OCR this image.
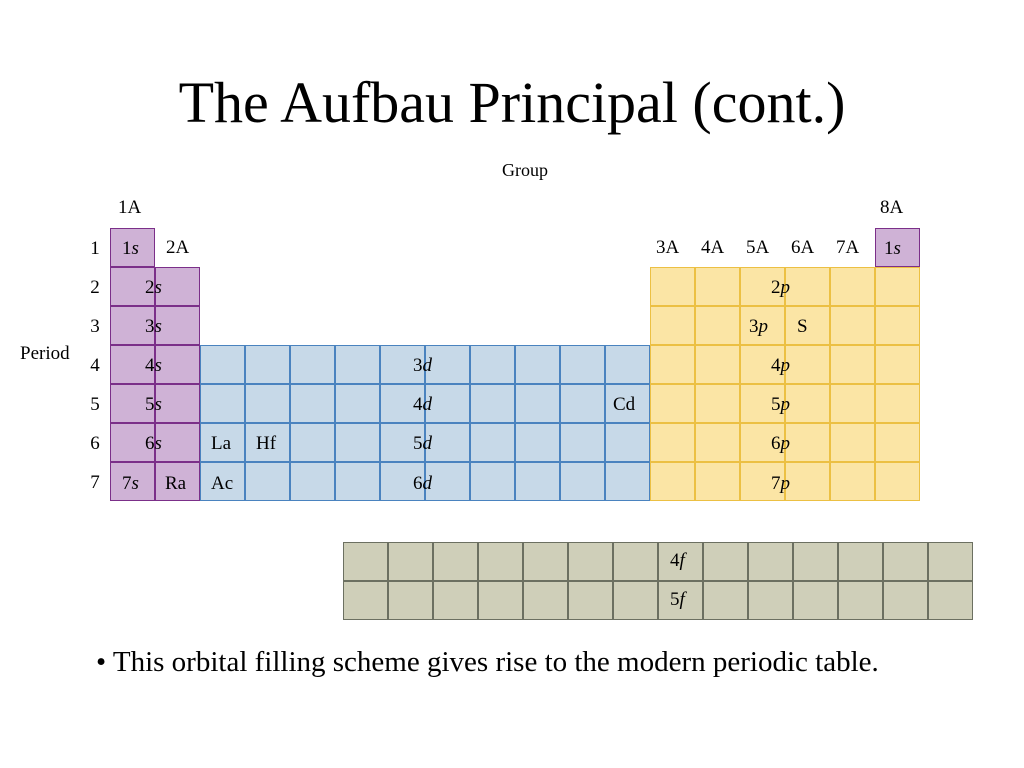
The Aufbau Principal (cont.)
Group
Period
1A
2A	3A 4A 5A 6A 7A
8A
1
2
3
4
5
6
7
1s	1s
2s
3s
4s
5s
6s
7s
3d
4d
5d
6d
2p
3p
4p
5p
6p
7p
4f
5f
Ra
La Hf
Ac
Cd
S
• This orbital filling scheme gives rise to the modern periodic table.
